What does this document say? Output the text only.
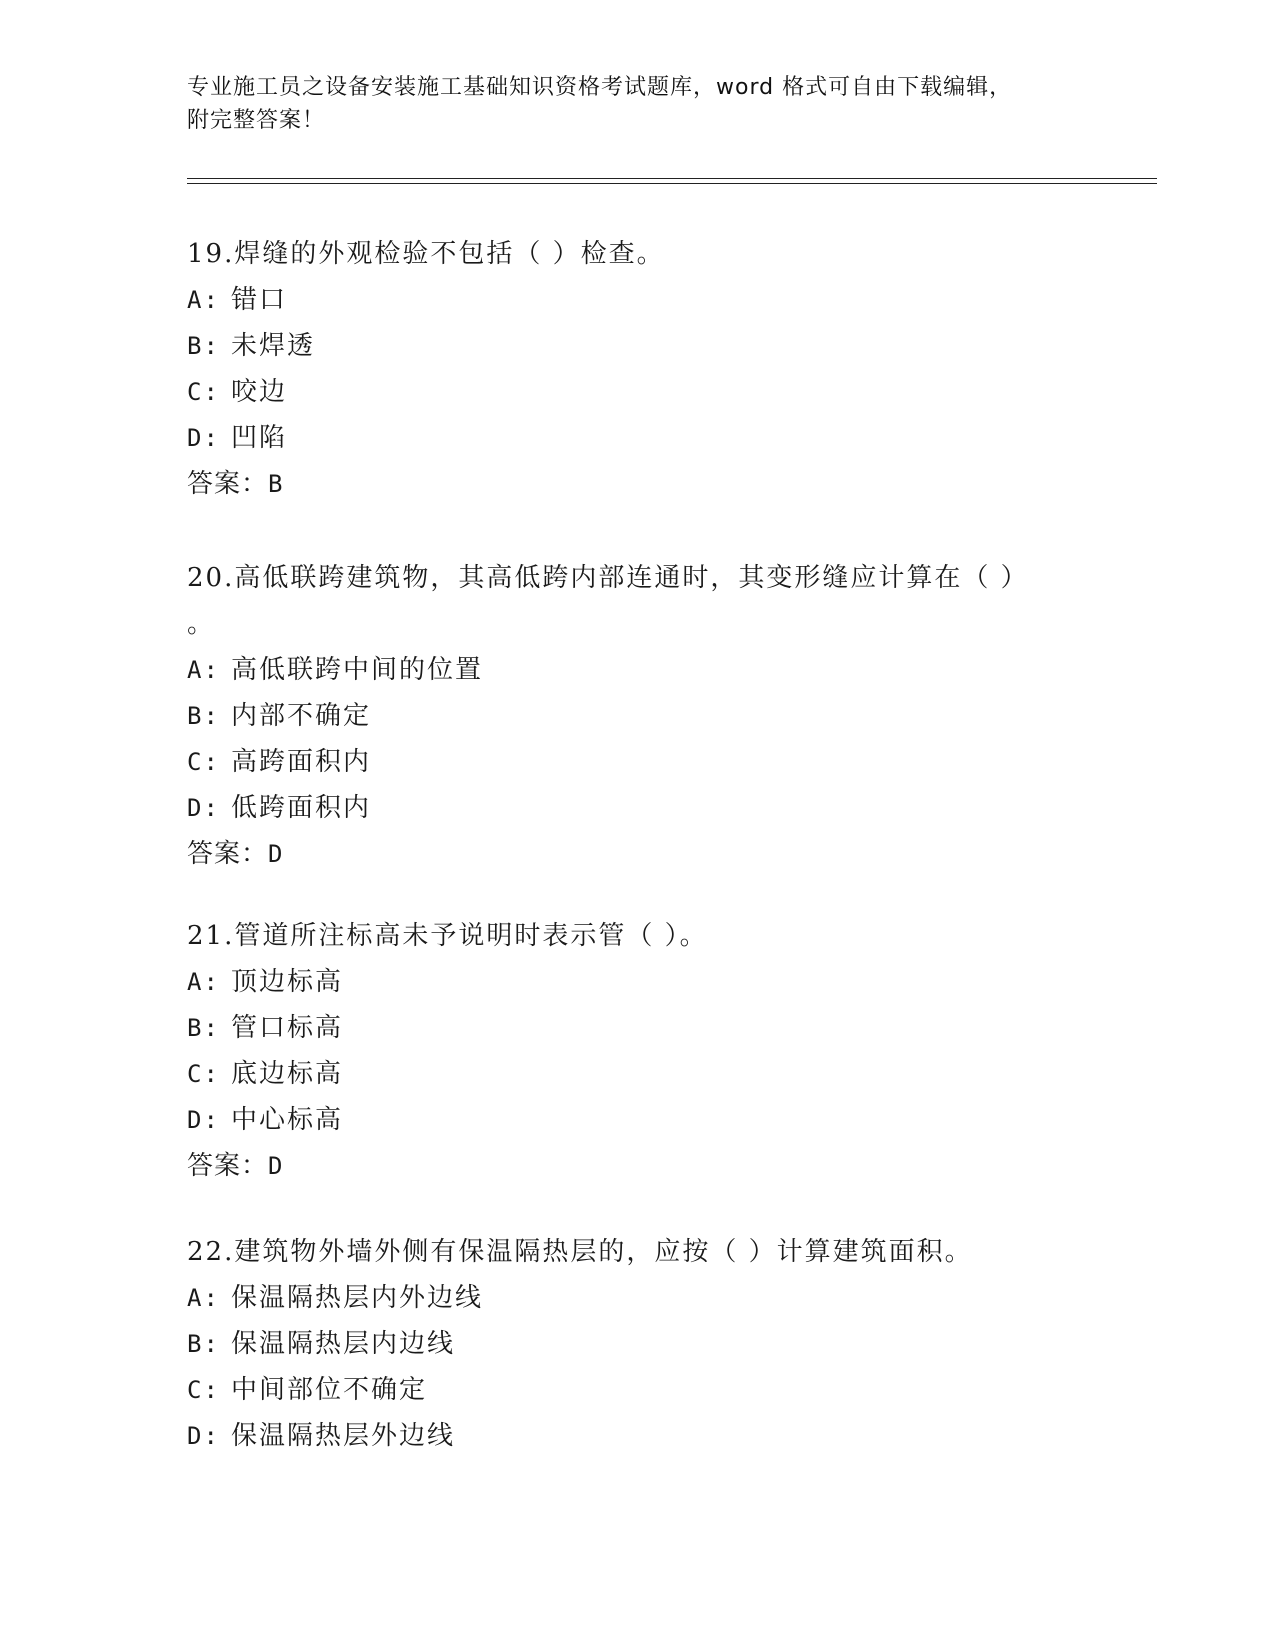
专业施工员之设备安装施工基础知识资格考试题库，word 格式可自由下载编辑，
附完整答案！
19.焊缝的外观检验不包括（ ）检查。
A: 错口
B: 未焊透
C: 咬边
D: 凹陷
答案：B
20.高低联跨建筑物，其高低跨内部连通时，其变形缝应计算在（ ）
。
A: 高低联跨中间的位置
B: 内部不确定
C: 高跨面积内
D: 低跨面积内
答案：D
21.管道所注标高未予说明时表示管（ ）。
A: 顶边标高
B: 管口标高
C: 底边标高
D: 中心标高
答案：D
22.建筑物外墙外侧有保温隔热层的，应按（ ）计算建筑面积。
A: 保温隔热层内外边线
B: 保温隔热层内边线
C: 中间部位不确定
D: 保温隔热层外边线
